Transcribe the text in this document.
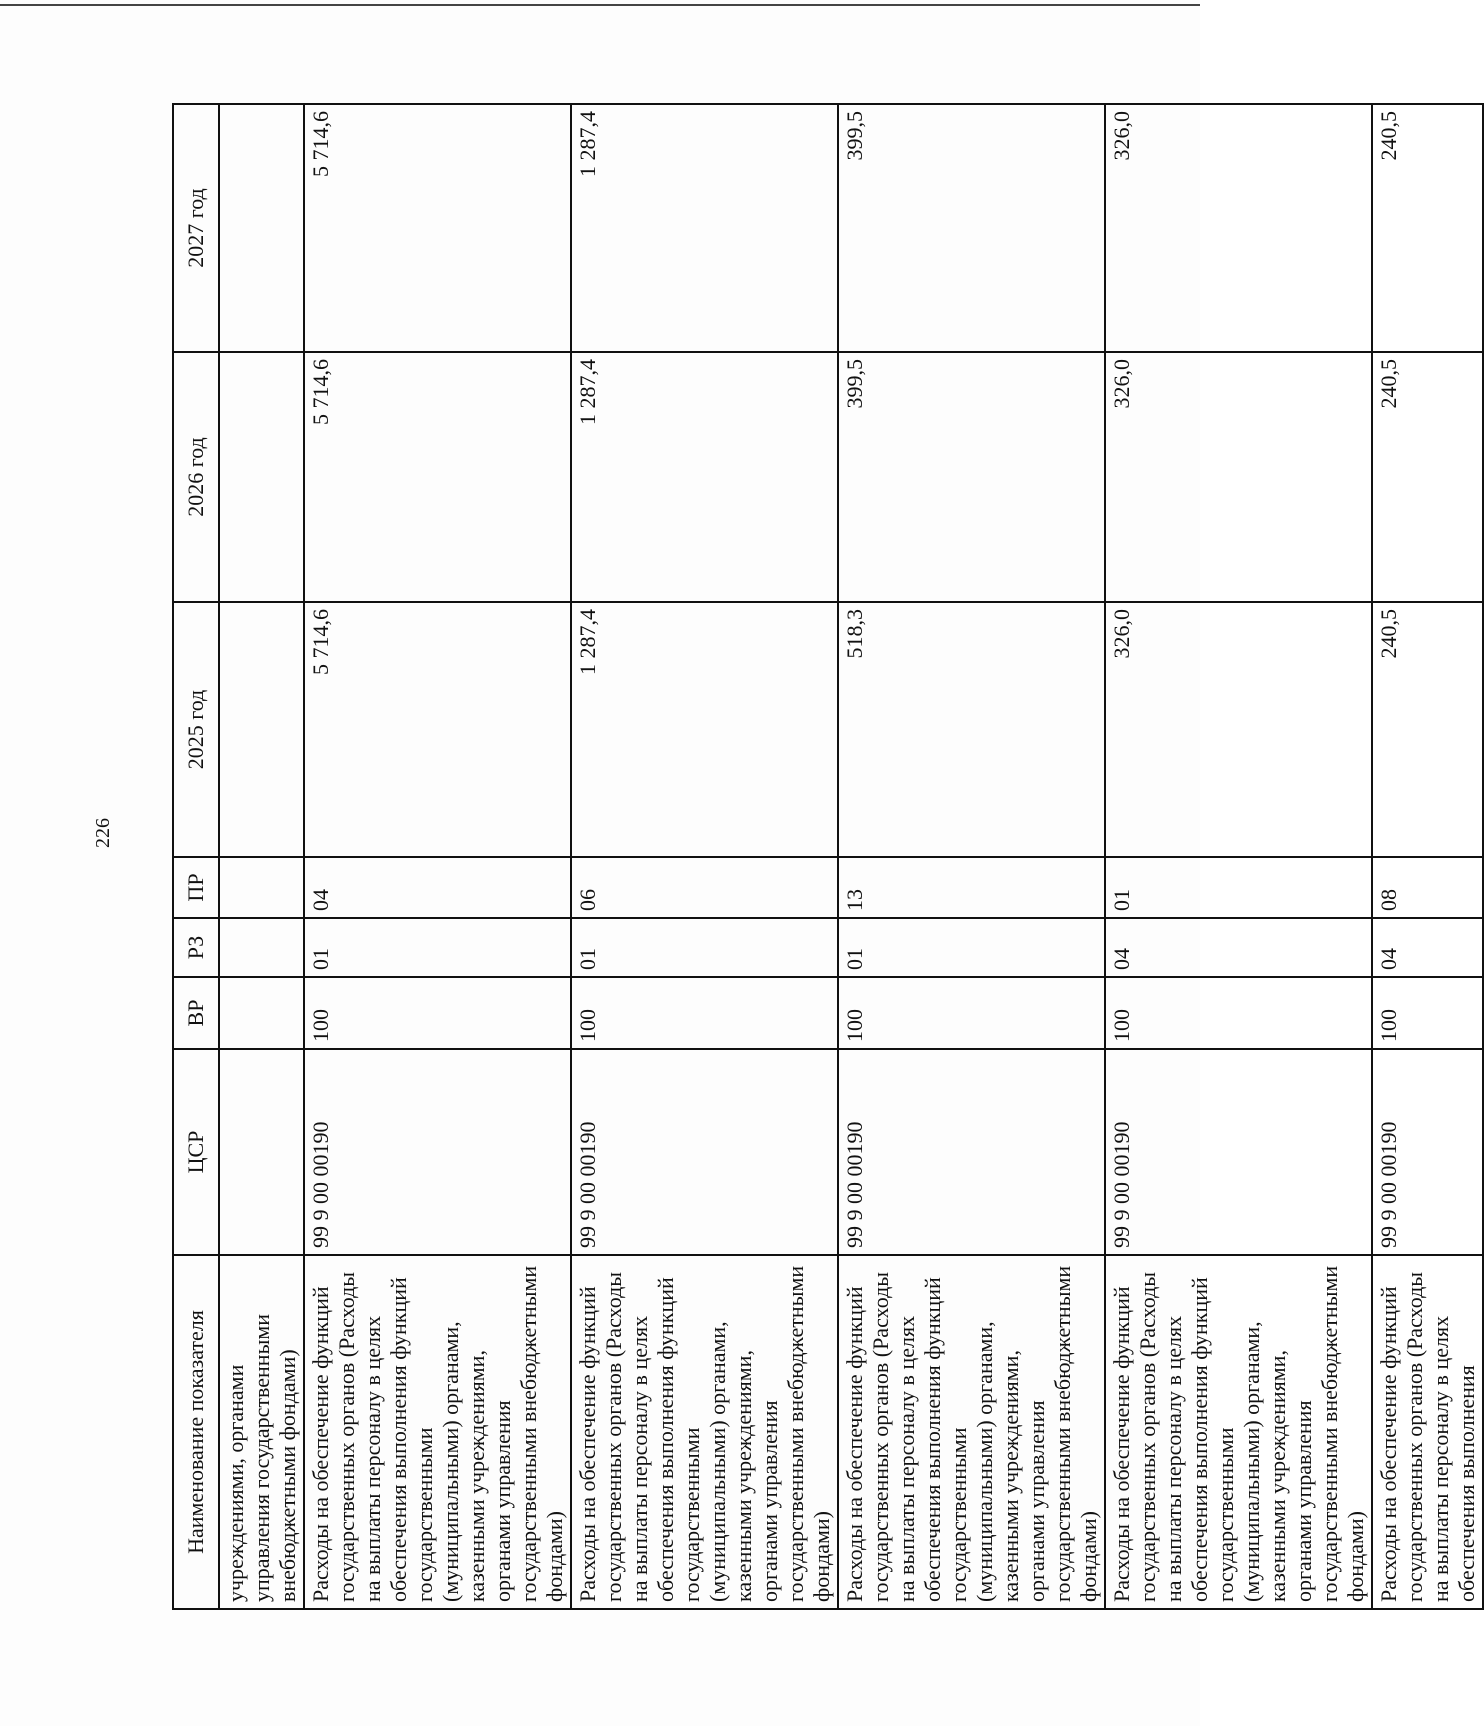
226
Наименование показателя	ЦСР	ВР	РЗ	ПР	2025 год	2026 год	2027 год
учреждениями, органами управления государственными внебюджетными фондами)							
Расходы на обеспечение функций государственных органов (Расходы на выплаты персоналу в целях обеспечения выполнения функций государственными (муниципальными) органами, казенными учреждениями, органами управления государственными внебюджетными фондами)	99 9 00 00190	100	01	04	5 714,6	5 714,6	5 714,6
Расходы на обеспечение функций государственных органов (Расходы на выплаты персоналу в целях обеспечения выполнения функций государственными (муниципальными) органами, казенными учреждениями, органами управления государственными внебюджетными фондами)	99 9 00 00190	100	01	06	1 287,4	1 287,4	1 287,4
Расходы на обеспечение функций государственных органов (Расходы на выплаты персоналу в целях обеспечения выполнения функций государственными (муниципальными) органами, казенными учреждениями, органами управления государственными внебюджетными фондами)	99 9 00 00190	100	01	13	518,3	399,5	399,5
Расходы на обеспечение функций государственных органов (Расходы на выплаты персоналу в целях обеспечения выполнения функций государственными (муниципальными) органами, казенными учреждениями, органами управления государственными внебюджетными фондами)	99 9 00 00190	100	04	01	326,0	326,0	326,0
Расходы на обеспечение функций государственных органов (Расходы на выплаты персоналу в целях обеспечения выполнения	99 9 00 00190	100	04	08	240,5	240,5	240,5
